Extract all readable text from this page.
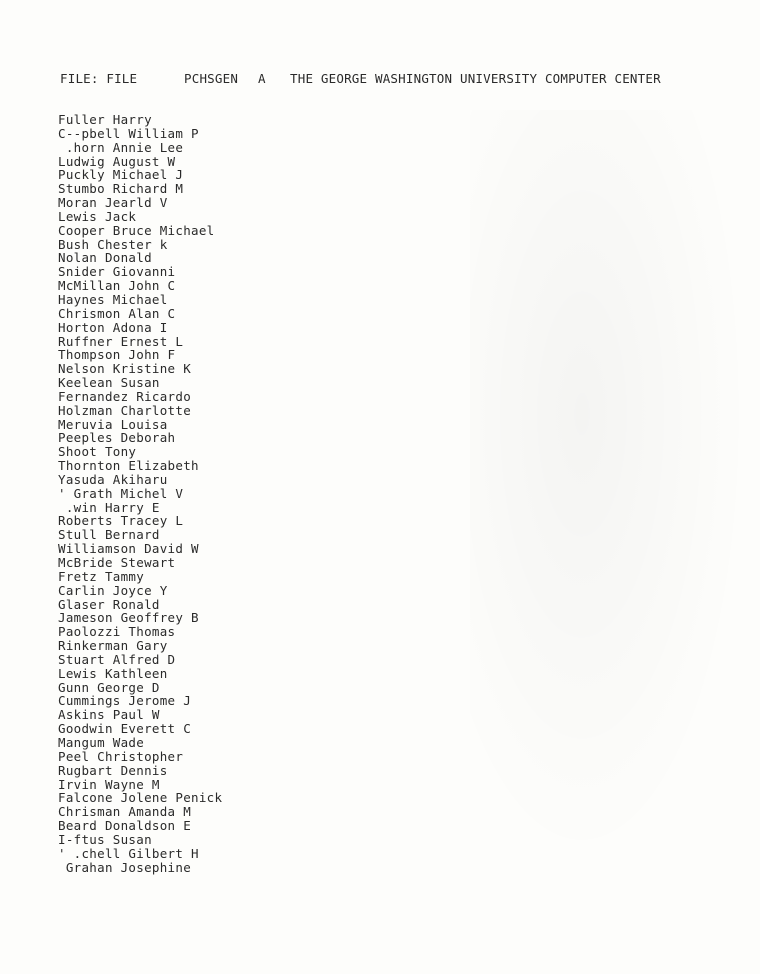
FILE: FILE	PCHSGEN	A	THE GEORGE WASHINGTON UNIVERSITY COMPUTER CENTER
Fuller Harry
C--pbell William P
.horn Annie Lee
Ludwig August W
Puckly Michael J
Stumbo Richard M
Moran Jearld V
Lewis Jack
Cooper Bruce Michael
Bush Chester k
Nolan Donald
Snider Giovanni
McMillan John C
Haynes Michael
Chrismon Alan C
Horton Adona I
Ruffner Ernest L
Thompson John F
Nelson Kristine K
Keelean Susan
Fernandez Ricardo
Holzman Charlotte
Meruvia Louisa
Peeples Deborah
Shoot Tony
Thornton Elizabeth
Yasuda Akiharu
' Grath Michel V
.win Harry E
Roberts Tracey L
Stull Bernard
Williamson David W
McBride Stewart
Fretz Tammy
Carlin Joyce Y
Glaser Ronald
Jameson Geoffrey B
Paolozzi Thomas
Rinkerman Gary
Stuart Alfred D
Lewis Kathleen
Gunn George D
Cummings Jerome J
Askins Paul W
Goodwin Everett C
Mangum Wade
Peel Christopher
Rugbart Dennis
Irvin Wayne M
Falcone Jolene Penick
Chrisman Amanda M
Beard Donaldson E
I-ftus Susan
' .chell Gilbert H
Grahan Josephine
